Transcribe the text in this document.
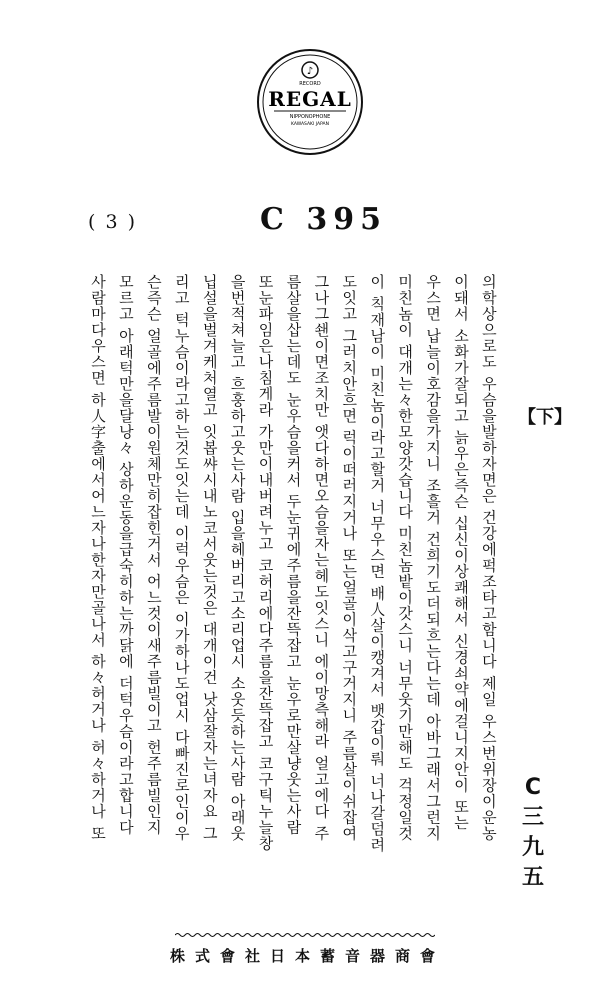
♪
RECORD
REGAL
NIPPONOPHONE
KAWASAKI JAPAN
( 3 )	C 395
【下】
C
三
九
五
의학상으로도 우슴을발하자면은 건강에퍽조타고함니다 제일 우스번위장이운농
이돼서 소화가잘되고 늙우은즉슨 십신이상쾌해서 신경쇠약에걸니지안이 또는
우스면 납늘이호감을가지니 조흘거 건희기도더되흐는다는데 아바그래서그런지
미친놈이 대개는々한모양갓습니다 미친놈밭이갓스니 너무웃기만해도 걱정일것
이 칙재남이 미친놈이라고할거 너무우스면 배人살이캥겨서 뱃갑이뤄 너나갈덤려
도잇고 그러치안흐면 럭이떠러지거나 또는얼골이삭고구거지니 주름살이쉬잡여
그나그쇈이면조치만 앳다하면오슴을자는헤도잇스니 에이망측해라 얼고에다 주
름살을삽는데도 눈우슴을커서 두눈귀에주름을잔뜩잡고 눈우로만살냥웃는사람
또눈파임은나침게라 가만이내버려누고 코허리에다주름을잔뜩잡고 코구틱누늘창
을번적쳐늘고 흐훙하고웃는사람 입을헤버리고소리업시 소웃듯하는사람 아래웃
닙설을벌겨케처열고 잇봅쌰시내노코서웃는것은 대개이건 낫삼잘자는녀자요 그
리고 턱누슴이라고하는것도잇는데 이럭우슴은 이가하나도업시 다빠진로인이우
슨즉슨 얼골에주름발이원체만히잡힌거서 어느것이새주름빌이고 헌주름빌인지
모르고 아래턱만을달낭々 상하운동을급숙히하는까닭에 더턱우슴이라고합니다
사람마다우스면 하人字출에서어느자나한자만골나서 하々허거나 허々하거나 또
株式會社日本蓄音器商會
